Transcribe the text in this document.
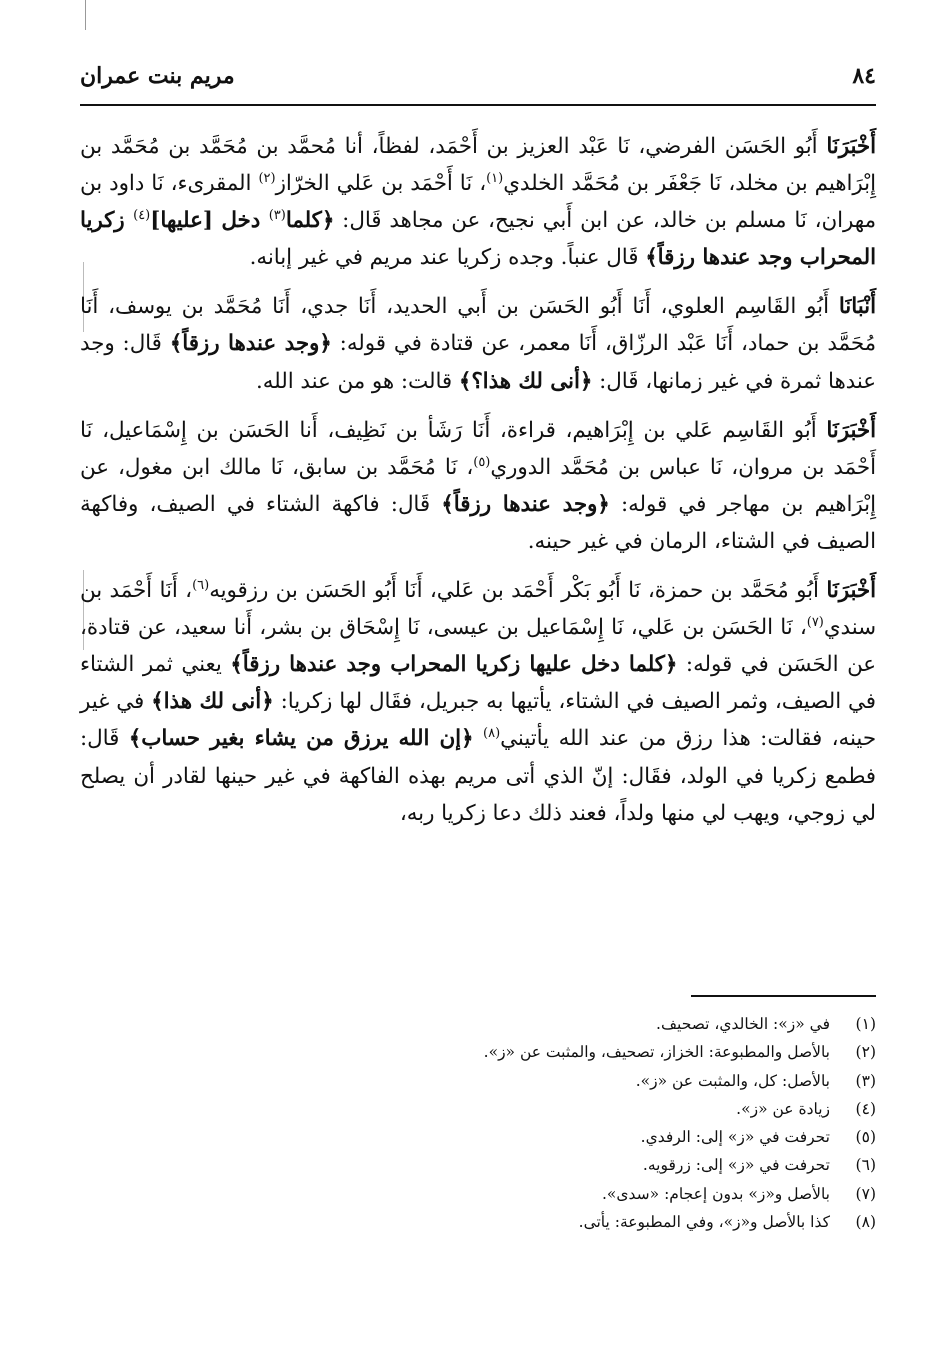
٨٤
مريم بنت عمران

أَخْبَرَنَا أَبُو الحَسَن الفرضي، نَا عَبْد العزيز بن أَحْمَد، لفظاً، أنا مُحمَّد بن مُحَمَّد بن مُحَمَّد بن إِبْرَاهيم بن مخلد، نَا جَعْفَر بن مُحَمَّد الخلدي$^{(١)}$، نَا أَحْمَد بن عَلي الخرّاز$^{(٢)}$ المقرىء، نَا داود بن مهران، نَا مسلم بن خالد، عن ابن أَبي نجيح، عن مجاهد قَال: ﴿كلما$^{(٣)}$ دخل [عليها]$^{(٤)}$ زكريا المحراب وجد عندها رزقاً﴾ قَال عنباً. وجده زكريا عند مريم في غير إبانه.

أَنْبَانَا أَبُو القَاسِم العلوي، أَنَا أَبُو الحَسَن بن أَبي الحديد، أَنَا جدي، أَنَا مُحَمَّد بن يوسف، أَنَا مُحَمَّد بن حماد، أَنَا عَبْد الرزّاق، أَنَا معمر، عن قتادة في قوله: ﴿وجد عندها رزقاً﴾ قَال: وجد عندها ثمرة في غير زمانها، قَال: ﴿أنى لك هذا؟﴾ قالت: هو من عند الله.

أَخْبَرَنَا أَبُو القَاسِم عَلي بن إِبْرَاهيم، قراءة، أَنَا رَشَأ بن نَظِيف، أَنا الحَسَن بن إِسْمَاعيل، نَا أَحْمَد بن مروان، نَا عباس بن مُحَمَّد الدوري$^{(٥)}$، نَا مُحَمَّد بن سابق، نَا مالك ابن مغول، عن إِبْرَاهيم بن مهاجر في قوله: ﴿وجد عندها رزقاً﴾ قَال: فاكهة الشتاء في الصيف، وفاكهة الصيف في الشتاء، الرمان في غير حينه.

أَخْبَرَنَا أَبُو مُحَمَّد بن حمزة، نَا أَبُو بَكْر أَحْمَد بن عَلي، أَنَا أَبُو الحَسَن بن رزقويه$^{(٦)}$، أَنَا أَحْمَد بن سندي$^{(٧)}$، نَا الحَسَن بن عَلي، نَا إِسْمَاعيل بن عيسى، نَا إِسْحَاق بن بشر، أَنا سعيد، عن قتادة، عن الحَسَن في قوله: ﴿كلما دخل عليها زكريا المحراب وجد عندها رزقاً﴾ يعني ثمر الشتاء في الصيف، وثمر الصيف في الشتاء، يأتيها به جبريل، فقَال لها زكريا: ﴿أنى لك هذا﴾ في غير حينه، فقالت: هذا رزق من عند الله يأتيني$^{(٨)}$ ﴿إن الله يرزق من يشاء بغير حساب﴾ قَال: فطمع زكريا في الولد، فقَال: إنّ الذي أتى مريم بهذه الفاكهة في غير حينها لقادر أن يصلح لي زوجي، ويهب لي منها ولداً، فعند ذلك دعا زكريا ربه،

(١)
في «ز»: الخالدي، تصحيف.
(٢)
بالأصل والمطبوعة: الخزاز، تصحيف، والمثبت عن «ز».
(٣)
بالأصل: كل، والمثبت عن «ز».
(٤)
زيادة عن «ز».
(٥)
تحرفت في «ز» إلى: الرفدي.
(٦)
تحرفت في «ز» إلى: زرقويه.
(٧)
بالأصل و«ز» بدون إعجام: «سدى».
(٨)
كذا بالأصل و«ز»، وفي المطبوعة: يأتى.
